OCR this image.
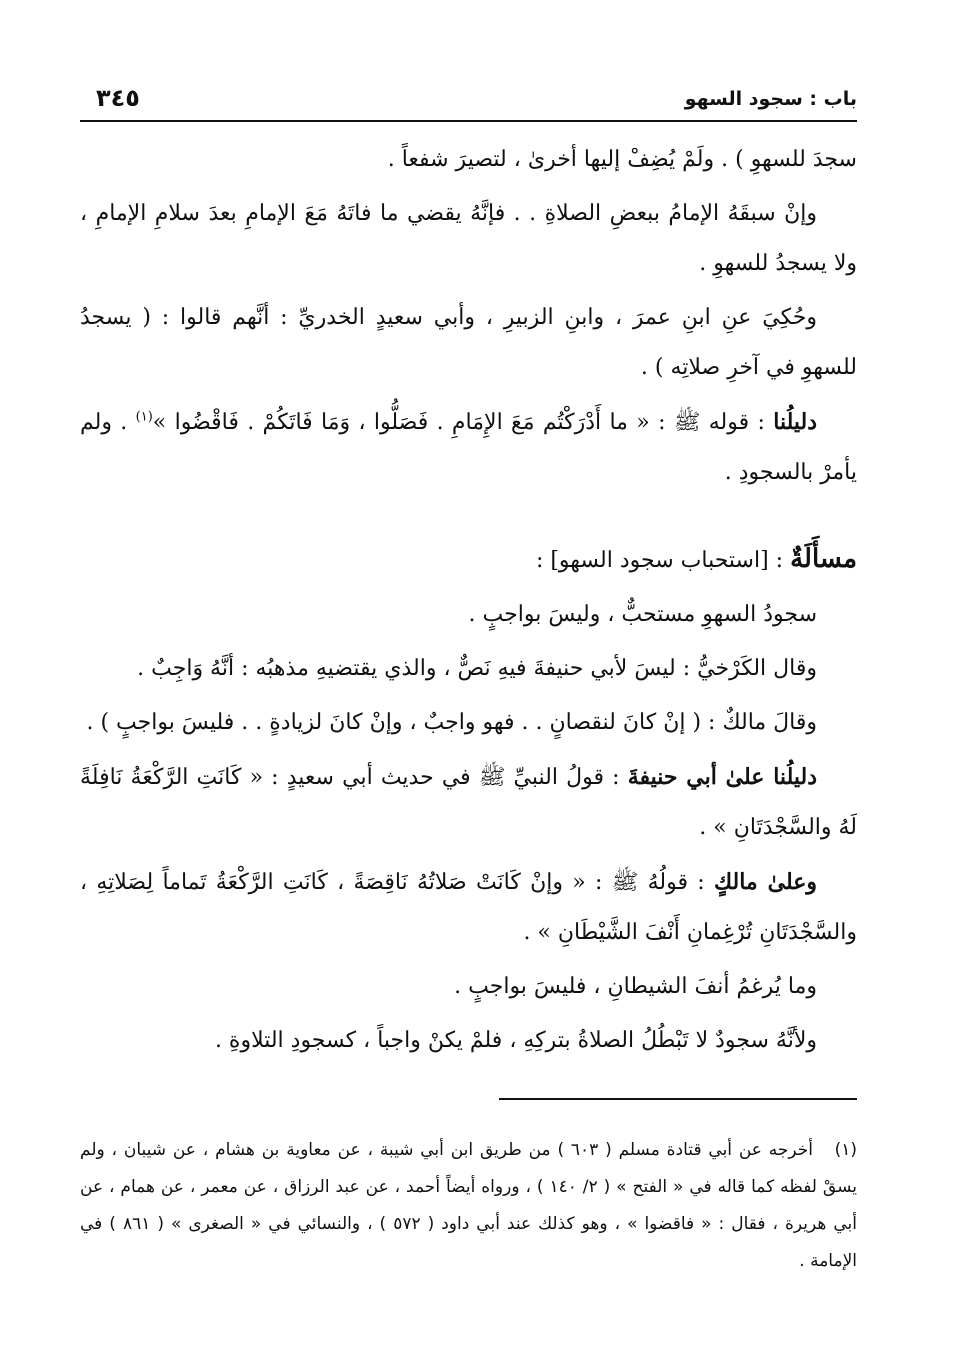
باب : سجود السهو
٣٤٥

سجدَ للسهوِ ) . ولَمْ يُضِفْ إليها أخرىٰ ، لتصيرَ شفعاً .

وإنْ سبقَهُ الإمامُ ببعضِ الصلاةِ . . فإنَّهُ يقضي ما فاتَهُ مَعَ الإمامِ بعدَ سلامِ الإمامِ ، ولا يسجدُ للسهوِ .

وحُكِيَ عنِ ابنِ عمرَ ، وابنِ الزبيرِ ، وأبي سعيدٍ الخدريِّ : أنَّهم قالوا : ( يسجدُ للسهوِ في آخرِ صلاتِه ) .

دليلُنا : قوله ﷺ : « ما أَدْرَكْتُم مَعَ الإِمَامِ . فَصَلُّوا ، وَمَا فَاتَكُمْ . فَاقْضُوا »$^{(١)}$ . ولم يأمرْ بالسجودِ .

مسأَلَةٌ : [استحباب سجود السهو] :

سجودُ السهوِ مستحبٌّ ، وليسَ بواجبٍ .

وقال الكَرْخيُّ : ليسَ لأبي حنيفةَ فيهِ نَصٌّ ، والذي يقتضيهِ مذهبُه : أنَّهُ وَاجِبٌ .

وقالَ مالكٌ : ( إنْ كانَ لنقصانٍ . . فهو واجبٌ ، وإنْ كانَ لزيادةٍ . . فليسَ بواجبٍ ) .

دليلُنا علىٰ أبي حنيفةَ : قولُ النبيِّ ﷺ في حديث أبي سعيدٍ : « كَانَتِ الرَّكْعَةُ نَافِلَةً لَهُ والسَّجْدَتَانِ » .

وعلىٰ مالكٍ : قولُهُ ﷺ : « وإنْ كَانَتْ صَلاتُهُ نَاقِصَةً ، كَانَتِ الرَّكْعَةُ تَماماً لِصَلاتِهِ ، والسَّجْدَتَانِ تُرْغِمانِ أَنْفَ الشَّيْطَانِ » .

وما يُرغمُ أنفَ الشيطانِ ، فليسَ بواجبٍ .

ولأنَّهُ سجودٌ لا تَبْطُلُ الصلاةُ بتركِهِ ، فلمْ يكنْ واجباً ، كسجودِ التلاوةِ .

(١)أخرجه عن أبي قتادة مسلم ( ٦٠٣ ) من طريق ابن أبي شيبة ، عن معاوية بن هشام ، عن شيبان ، ولم يسقْ لفظه كما قاله في « الفتح » ( ٢/ ١٤٠ ) ، ورواه أيضاً أحمد ، عن عبد الرزاق ، عن معمر ، عن همام ، عن أبي هريرة ، فقال : « فاقضوا » ، وهو كذلك عند أبي داود ( ٥٧٢ ) ، والنسائي في « الصغرى » ( ٨٦١ ) في الإمامة .
